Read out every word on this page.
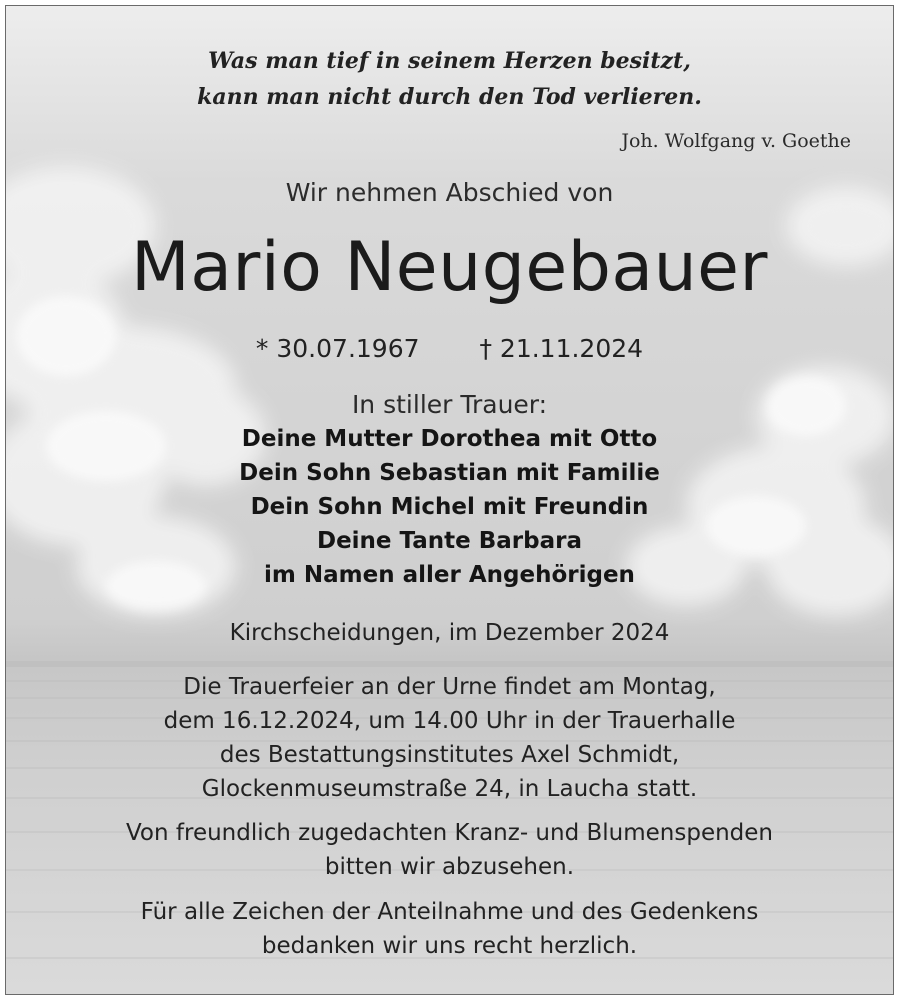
Was man tief in seinem Herzen besitzt,
kann man nicht durch den Tod verlieren.
Joh. Wolfgang v. Goethe
Wir nehmen Abschied von
Mario Neugebauer
* 30.07.1967 † 21.11.2024
In stiller Trauer:
Deine Mutter Dorothea mit Otto
Dein Sohn Sebastian mit Familie
Dein Sohn Michel mit Freundin
Deine Tante Barbara
im Namen aller Angehörigen
Kirchscheidungen, im Dezember 2024
Die Trauerfeier an der Urne findet am Montag,
dem 16.12.2024, um 14.00 Uhr in der Trauerhalle
des Bestattungsinstitutes Axel Schmidt,
Glockenmuseumstraße 24, in Laucha statt.
Von freundlich zugedachten Kranz- und Blumenspenden
bitten wir abzusehen.
Für alle Zeichen der Anteilnahme und des Gedenkens
bedanken wir uns recht herzlich.
